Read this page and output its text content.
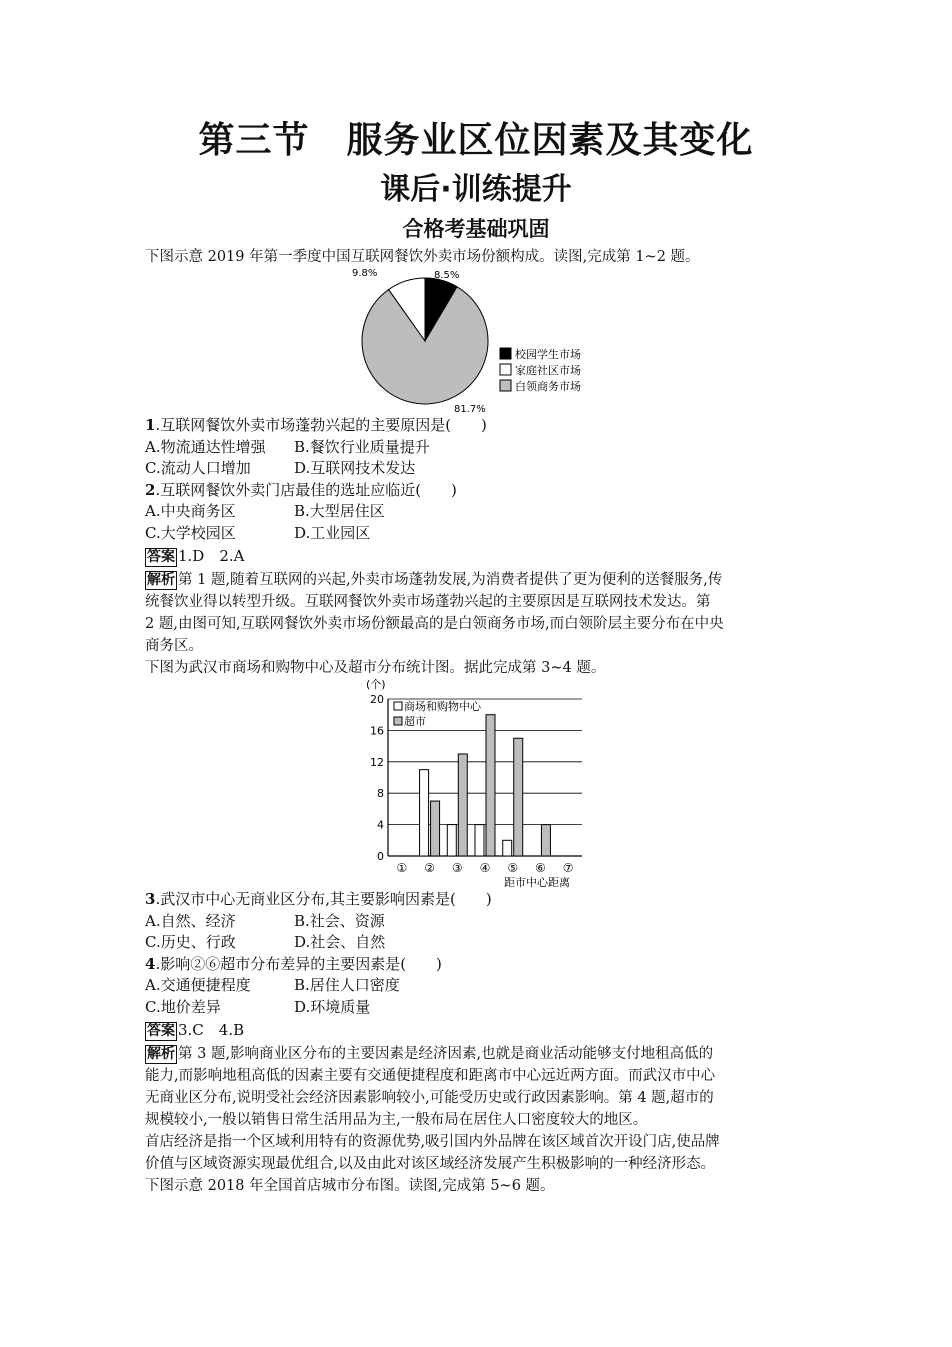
第三节　服务业区位因素及其变化
课后·训练提升
合格考基础巩固
下图示意 2019 年第一季度中国互联网餐饮外卖市场份额构成。读图,完成第 1~2 题。
9.8%	8.5%
81.7%
校园学生市场
家庭社区市场
白领商务市场
1.互联网餐饮外卖市场蓬勃兴起的主要原因是(　　)
A.物流通达性增强 B.餐饮行业质量提升
C.流动人口增加	D.互联网技术发达
2.互联网餐饮外卖门店最佳的选址应临近(　　)
A.中央商务区	B.大型居住区
C.大学校园区	D.工业园区
答案 1.D　2.A
解析 第 1 题,随着互联网的兴起,外卖市场蓬勃发展,为消费者提供了更为便利的送餐服务,传
统餐饮业得以转型升级。互联网餐饮外卖市场蓬勃兴起的主要原因是互联网技术发达。第
2 题,由图可知,互联网餐饮外卖市场份额最高的是白领商务市场,而白领阶层主要分布在中央
商务区。
下图为武汉市商场和购物中心及超市分布统计图。据此完成第 3~4 题。
(个)
0
4
8
12
16
20
① ② ③ ④ ⑤ ⑥ ⑦
商场和购物中心
超市
距市中心距离
3.武汉市中心无商业区分布,其主要影响因素是(　　)
A.自然、经济	B.社会、资源
C.历史、行政	D.社会、自然
4.影响②⑥超市分布差异的主要因素是(　　)
A.交通便捷程度	B.居住人口密度
C.地价差异	D.环境质量
答案 3.C　4.B
解析 第 3 题,影响商业区分布的主要因素是经济因素,也就是商业活动能够支付地租高低的
能力,而影响地租高低的因素主要有交通便捷程度和距离市中心远近两方面。而武汉市中心
无商业区分布,说明受社会经济因素影响较小,可能受历史或行政因素影响。第 4 题,超市的
规模较小,一般以销售日常生活用品为主,一般布局在居住人口密度较大的地区。
首店经济是指一个区域利用特有的资源优势,吸引国内外品牌在该区域首次开设门店,使品牌
价值与区域资源实现最优组合,以及由此对该区域经济发展产生积极影响的一种经济形态。
下图示意 2018 年全国首店城市分布图。读图,完成第 5~6 题。
